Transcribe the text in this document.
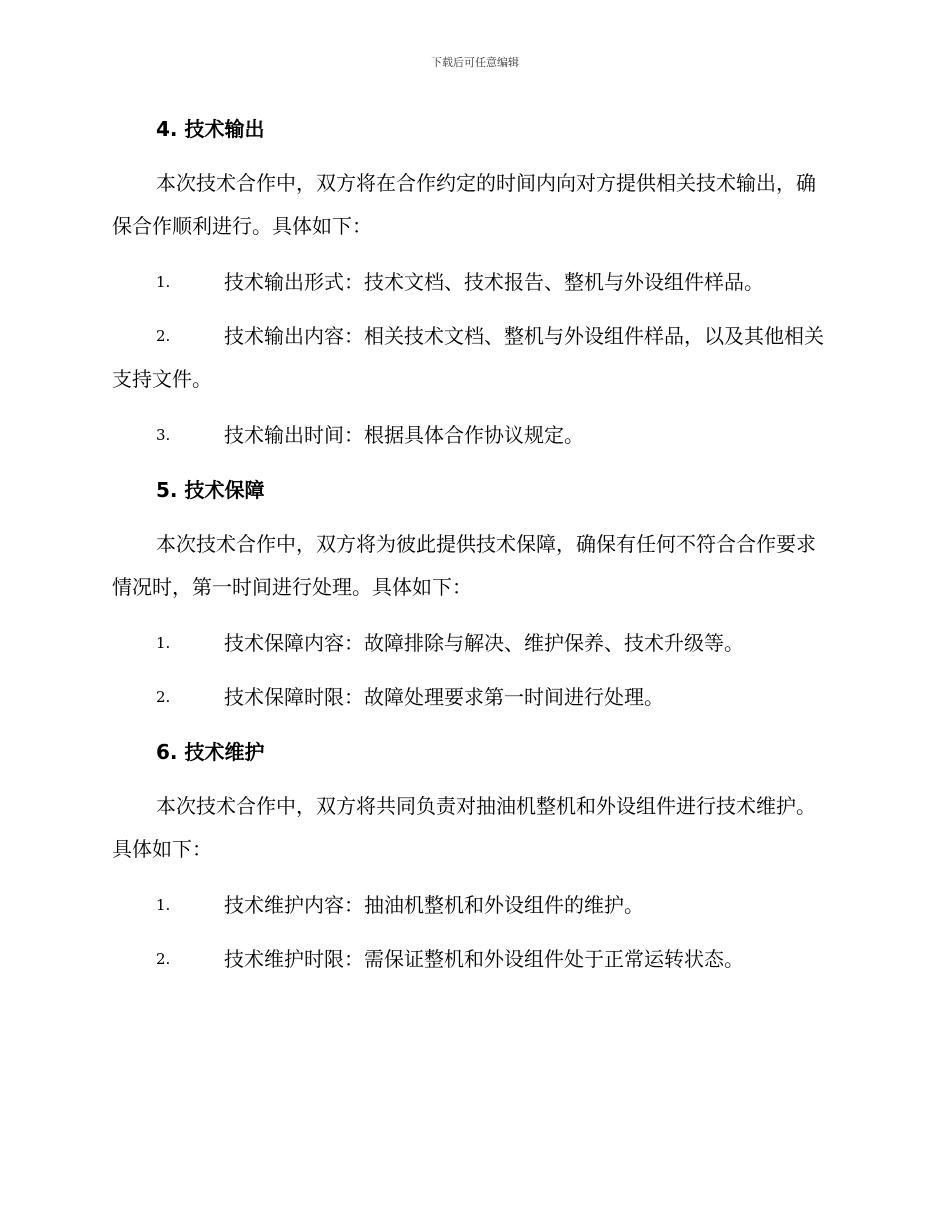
下载后可任意编辑
4. 技术输出
本次技术合作中，双方将在合作约定的时间内向对方提供相关技术输出，确保合作顺利进行。具体如下：
1.	技术输出形式：技术文档、技术报告、整机与外设组件样品。
2.	技术输出内容：相关技术文档、整机与外设组件样品，以及其他相关支持文件。
3.	技术输出时间：根据具体合作协议规定。
5. 技术保障
本次技术合作中，双方将为彼此提供技术保障，确保有任何不符合合作要求情况时，第一时间进行处理。具体如下：
1.	技术保障内容：故障排除与解决、维护保养、技术升级等。
2.	技术保障时限：故障处理要求第一时间进行处理。
6. 技术维护
本次技术合作中，双方将共同负责对抽油机整机和外设组件进行技术维护。具体如下：
1.	技术维护内容：抽油机整机和外设组件的维护。
2.	技术维护时限：需保证整机和外设组件处于正常运转状态。
